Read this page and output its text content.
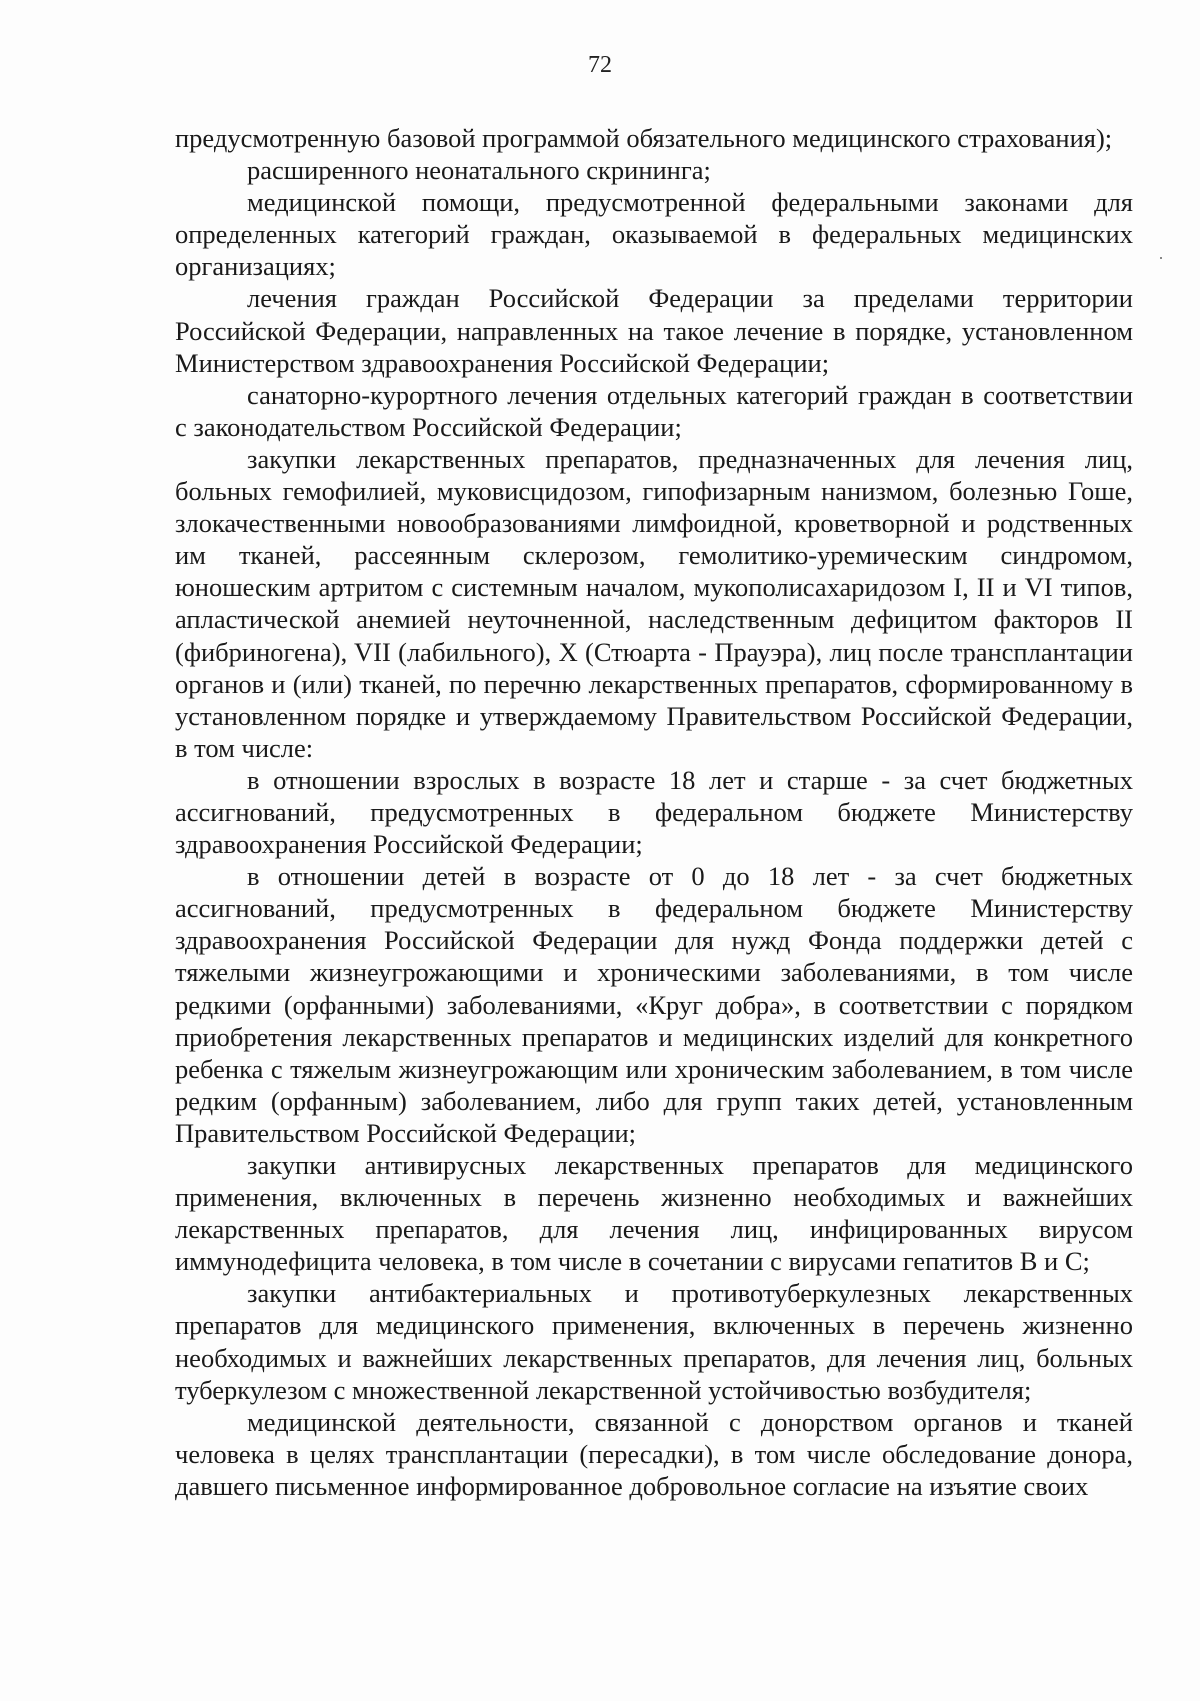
72

предусмотренную базовой программой обязательного медицинского страхования);

расширенного неонатального скрининга;

медицинской помощи, предусмотренной федеральными законами для определенных категорий граждан, оказываемой в федеральных медицинских организациях;

лечения граждан Российской Федерации за пределами территории Российской Федерации, направленных на такое лечение в порядке, установленном Министерством здравоохранения Российской Федерации;

санаторно-курортного лечения отдельных категорий граждан в соответствии с законодательством Российской Федерации;

закупки лекарственных препаратов, предназначенных для лечения лиц, больных гемофилией, муковисцидозом, гипофизарным нанизмом, болезнью Гоше, злокачественными новообразованиями лимфоидной, кроветворной и родственных им тканей, рассеянным склерозом, гемолитико-уремическим синдромом, юношеским артритом с системным началом, мукополисахаридозом I, II и VI типов, апластической анемией неуточненной, наследственным дефицитом факторов II (фибриногена), VII (лабильного), X (Стюарта - Прауэра), лиц после трансплантации органов и (или) тканей, по перечню лекарственных препаратов, сформированному в установленном порядке и утверждаемому Правительством Российской Федерации, в том числе:

в отношении взрослых в возрасте 18 лет и старше - за счет бюджетных ассигнований, предусмотренных в федеральном бюджете Министерству здравоохранения Российской Федерации;

в отношении детей в возрасте от 0 до 18 лет - за счет бюджетных ассигнований, предусмотренных в федеральном бюджете Министерству здравоохранения Российской Федерации для нужд Фонда поддержки детей с тяжелыми жизнеугрожающими и хроническими заболеваниями, в том числе редкими (орфанными) заболеваниями, «Круг добра», в соответствии с порядком приобретения лекарственных препаратов и медицинских изделий для конкретного ребенка с тяжелым жизнеугрожающим или хроническим заболеванием, в том числе редким (орфанным) заболеванием, либо для групп таких детей, установленным Правительством Российской Федерации;

закупки антивирусных лекарственных препаратов для медицинского применения, включенных в перечень жизненно необходимых и важнейших лекарственных препаратов, для лечения лиц, инфицированных вирусом иммунодефицита человека, в том числе в сочетании с вирусами гепатитов B и C;

закупки антибактериальных и противотуберкулезных лекарственных препаратов для медицинского применения, включенных в перечень жизненно необходимых и важнейших лекарственных препаратов, для лечения лиц, больных туберкулезом с множественной лекарственной устойчивостью возбудителя;

медицинской деятельности, связанной с донорством органов и тканей человека в целях трансплантации (пересадки), в том числе обследование донора, давшего письменное информированное добровольное согласие на изъятие своих
